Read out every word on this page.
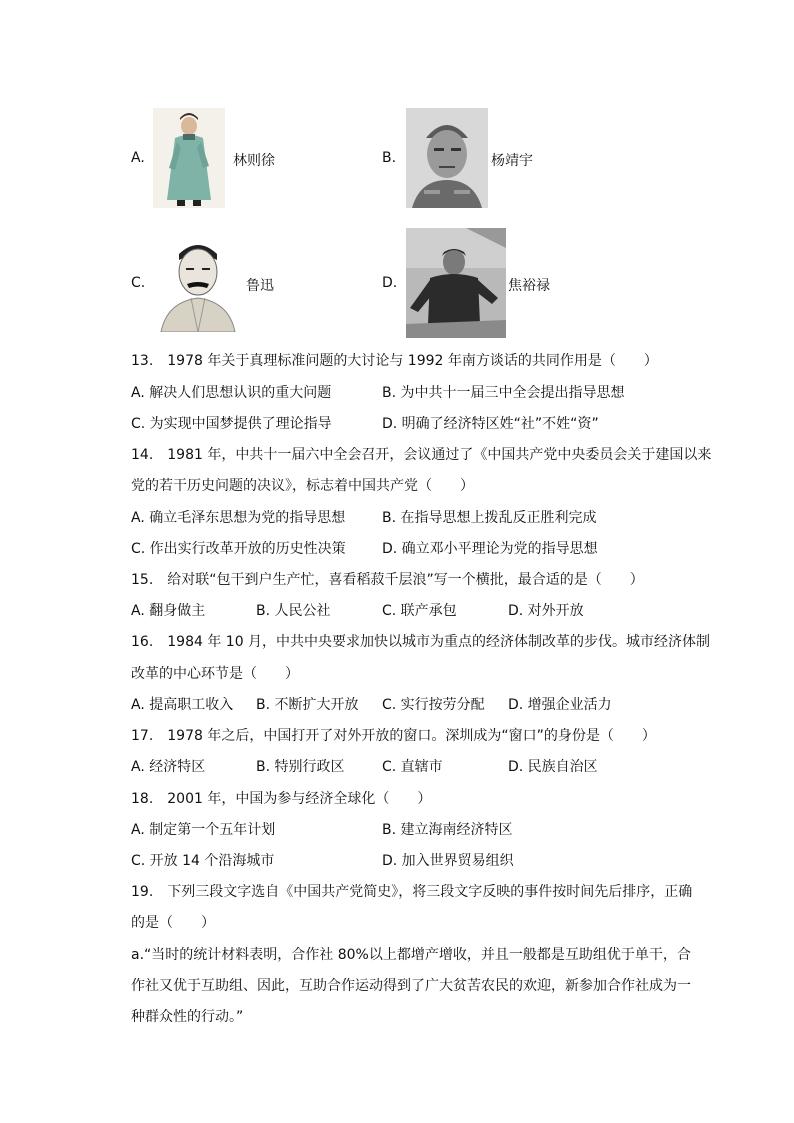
A.	林则徐	B.	杨靖宇
C.	鲁迅	D.	焦裕禄
13.　1978 年关于真理标准问题的大讨论与 1992 年南方谈话的共同作用是（　　）
A. 解决人们思想认识的重大问题	B. 为中共十一届三中全会提出指导思想
C. 为实现中国梦提供了理论指导	D. 明确了经济特区姓“社”不姓“资”
14.　1981 年，中共十一届六中全会召开，会议通过了《中国共产党中央委员会关于建国以来
党的若干历史问题的决议》，标志着中国共产党（　　）
A. 确立毛泽东思想为党的指导思想	B. 在指导思想上拨乱反正胜利完成
C. 作出实行改革开放的历史性决策	D. 确立邓小平理论为党的指导思想
15.　给对联“包干到户生产忙，喜看稻菽千层浪”写一个横批，最合适的是（　　）
A. 翻身做主	B. 人民公社	C. 联产承包	D. 对外开放
16.　1984 年 10 月，中共中央要求加快以城市为重点的经济体制改革的步伐。城市经济体制
改革的中心环节是（　　）
A. 提高职工收入 B. 不断扩大开放 C. 实行按劳分配 D. 增强企业活力
17.　1978 年之后，中国打开了对外开放的窗口。深圳成为“窗口”的身份是（　　）
A. 经济特区	B. 特别行政区	C. 直辖市	D. 民族自治区
18.　2001 年，中国为参与经济全球化（　　）
A. 制定第一个五年计划	B. 建立海南经济特区
C. 开放 14 个沿海城市	D. 加入世界贸易组织
19.　下列三段文字选自《中国共产党简史》，将三段文字反映的事件按时间先后排序，正确
的是（　　）
a.“当时的统计材料表明，合作社 80%以上都增产增收，并且一般都是互助组优于单干，合
作社又优于互助组、因此，互助合作运动得到了广大贫苦农民的欢迎，新参加合作社成为一
种群众性的行动。”
